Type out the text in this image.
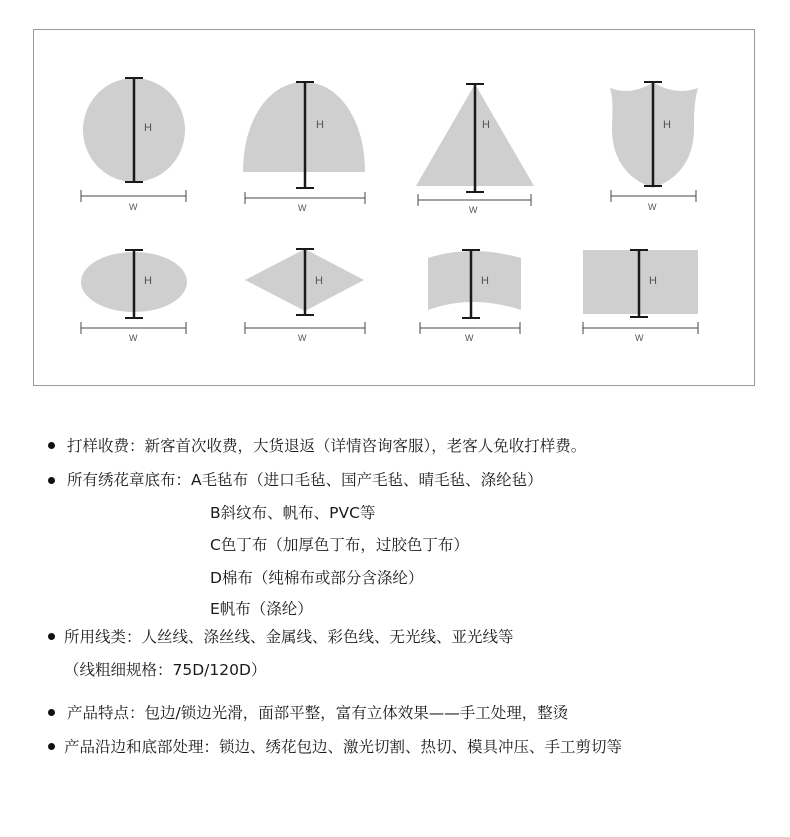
H
W
H
W
H
W
H
W
H
W
H
W
H
W
H
W
打样收费：新客首次收费，大货退返（详情咨询客服），老客人免收打样费。
所有绣花章底布：A毛毡布（进口毛毡、国产毛毡、晴毛毡、涤纶毡）
B斜纹布、帆布、PVC等
C色丁布（加厚色丁布，过胶色丁布）
D棉布（纯棉布或部分含涤纶）
E帆布（涤纶）
所用线类：人丝线、涤丝线、金属线、彩色线、无光线、亚光线等
（线粗细规格：75D/120D）
产品特点：包边/锁边光滑，面部平整，富有立体效果——手工处理，整烫
产品沿边和底部处理：锁边、绣花包边、激光切割、热切、模具冲压、手工剪切等
